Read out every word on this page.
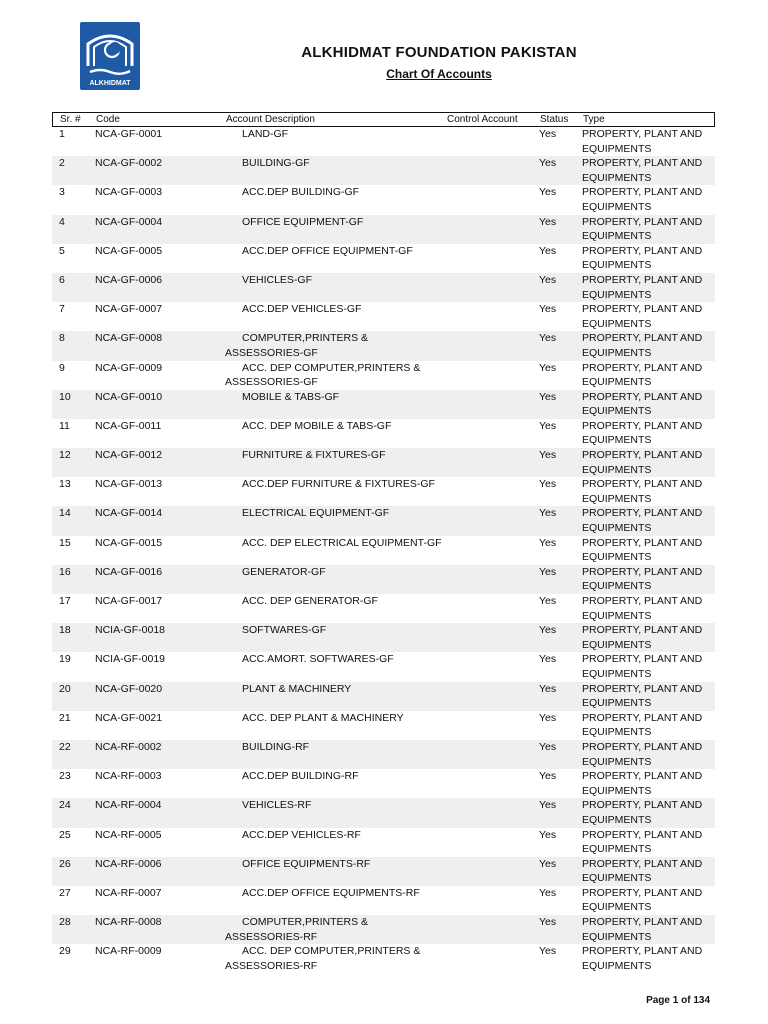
ALKHIDMAT
ALKHIDMAT FOUNDATION PAKISTAN
Chart Of Accounts
Sr. # Code	Account Description	Control Account Status Type
1	NCA-GF-0001	LAND-GF	Yes PROPERTY, PLANT AND EQUIPMENTS
2	NCA-GF-0002	BUILDING-GF	Yes PROPERTY, PLANT AND EQUIPMENTS
3	NCA-GF-0003	ACC.DEP BUILDING-GF	Yes PROPERTY, PLANT AND EQUIPMENTS
4	NCA-GF-0004	OFFICE EQUIPMENT-GF	Yes PROPERTY, PLANT AND EQUIPMENTS
5	NCA-GF-0005	ACC.DEP OFFICE EQUIPMENT-GF	Yes PROPERTY, PLANT AND EQUIPMENTS
6	NCA-GF-0006	VEHICLES-GF	Yes PROPERTY, PLANT AND EQUIPMENTS
7	NCA-GF-0007	ACC.DEP VEHICLES-GF	Yes PROPERTY, PLANT AND EQUIPMENTS
8	NCA-GF-0008	COMPUTER,PRINTERS & ASSESSORIES-GF
Yes PROPERTY, PLANT AND EQUIPMENTS
9	NCA-GF-0009	ACC. DEP COMPUTER,PRINTERS & ASSESSORIES-GF
Yes PROPERTY, PLANT AND EQUIPMENTS
10 NCA-GF-0010	MOBILE & TABS-GF	Yes PROPERTY, PLANT AND EQUIPMENTS
11 NCA-GF-0011	ACC. DEP MOBILE & TABS-GF	Yes PROPERTY, PLANT AND EQUIPMENTS
12 NCA-GF-0012	FURNITURE & FIXTURES-GF	Yes PROPERTY, PLANT AND EQUIPMENTS
13 NCA-GF-0013	ACC.DEP FURNITURE & FIXTURES-GF	Yes PROPERTY, PLANT AND EQUIPMENTS
14 NCA-GF-0014	ELECTRICAL EQUIPMENT-GF	Yes PROPERTY, PLANT AND EQUIPMENTS
15 NCA-GF-0015	ACC. DEP ELECTRICAL EQUIPMENT-GF	Yes PROPERTY, PLANT AND EQUIPMENTS
16 NCA-GF-0016	GENERATOR-GF	Yes PROPERTY, PLANT AND EQUIPMENTS
17 NCA-GF-0017	ACC. DEP GENERATOR-GF	Yes PROPERTY, PLANT AND EQUIPMENTS
18 NCIA-GF-0018	SOFTWARES-GF	Yes PROPERTY, PLANT AND EQUIPMENTS
19 NCIA-GF-0019	ACC.AMORT. SOFTWARES-GF	Yes PROPERTY, PLANT AND EQUIPMENTS
20 NCA-GF-0020	PLANT & MACHINERY	Yes PROPERTY, PLANT AND EQUIPMENTS
21 NCA-GF-0021	ACC. DEP PLANT & MACHINERY	Yes PROPERTY, PLANT AND EQUIPMENTS
22 NCA-RF-0002	BUILDING-RF	Yes PROPERTY, PLANT AND EQUIPMENTS
23 NCA-RF-0003	ACC.DEP BUILDING-RF	Yes PROPERTY, PLANT AND EQUIPMENTS
24 NCA-RF-0004	VEHICLES-RF	Yes PROPERTY, PLANT AND EQUIPMENTS
25 NCA-RF-0005	ACC.DEP VEHICLES-RF	Yes PROPERTY, PLANT AND EQUIPMENTS
26 NCA-RF-0006	OFFICE EQUIPMENTS-RF	Yes PROPERTY, PLANT AND EQUIPMENTS
27 NCA-RF-0007	ACC.DEP OFFICE EQUIPMENTS-RF	Yes PROPERTY, PLANT AND EQUIPMENTS
28 NCA-RF-0008	COMPUTER,PRINTERS & ASSESSORIES-RF
Yes PROPERTY, PLANT AND EQUIPMENTS
29 NCA-RF-0009	ACC. DEP COMPUTER,PRINTERS & ASSESSORIES-RF
Yes PROPERTY, PLANT AND EQUIPMENTS
Page 1 of 134
